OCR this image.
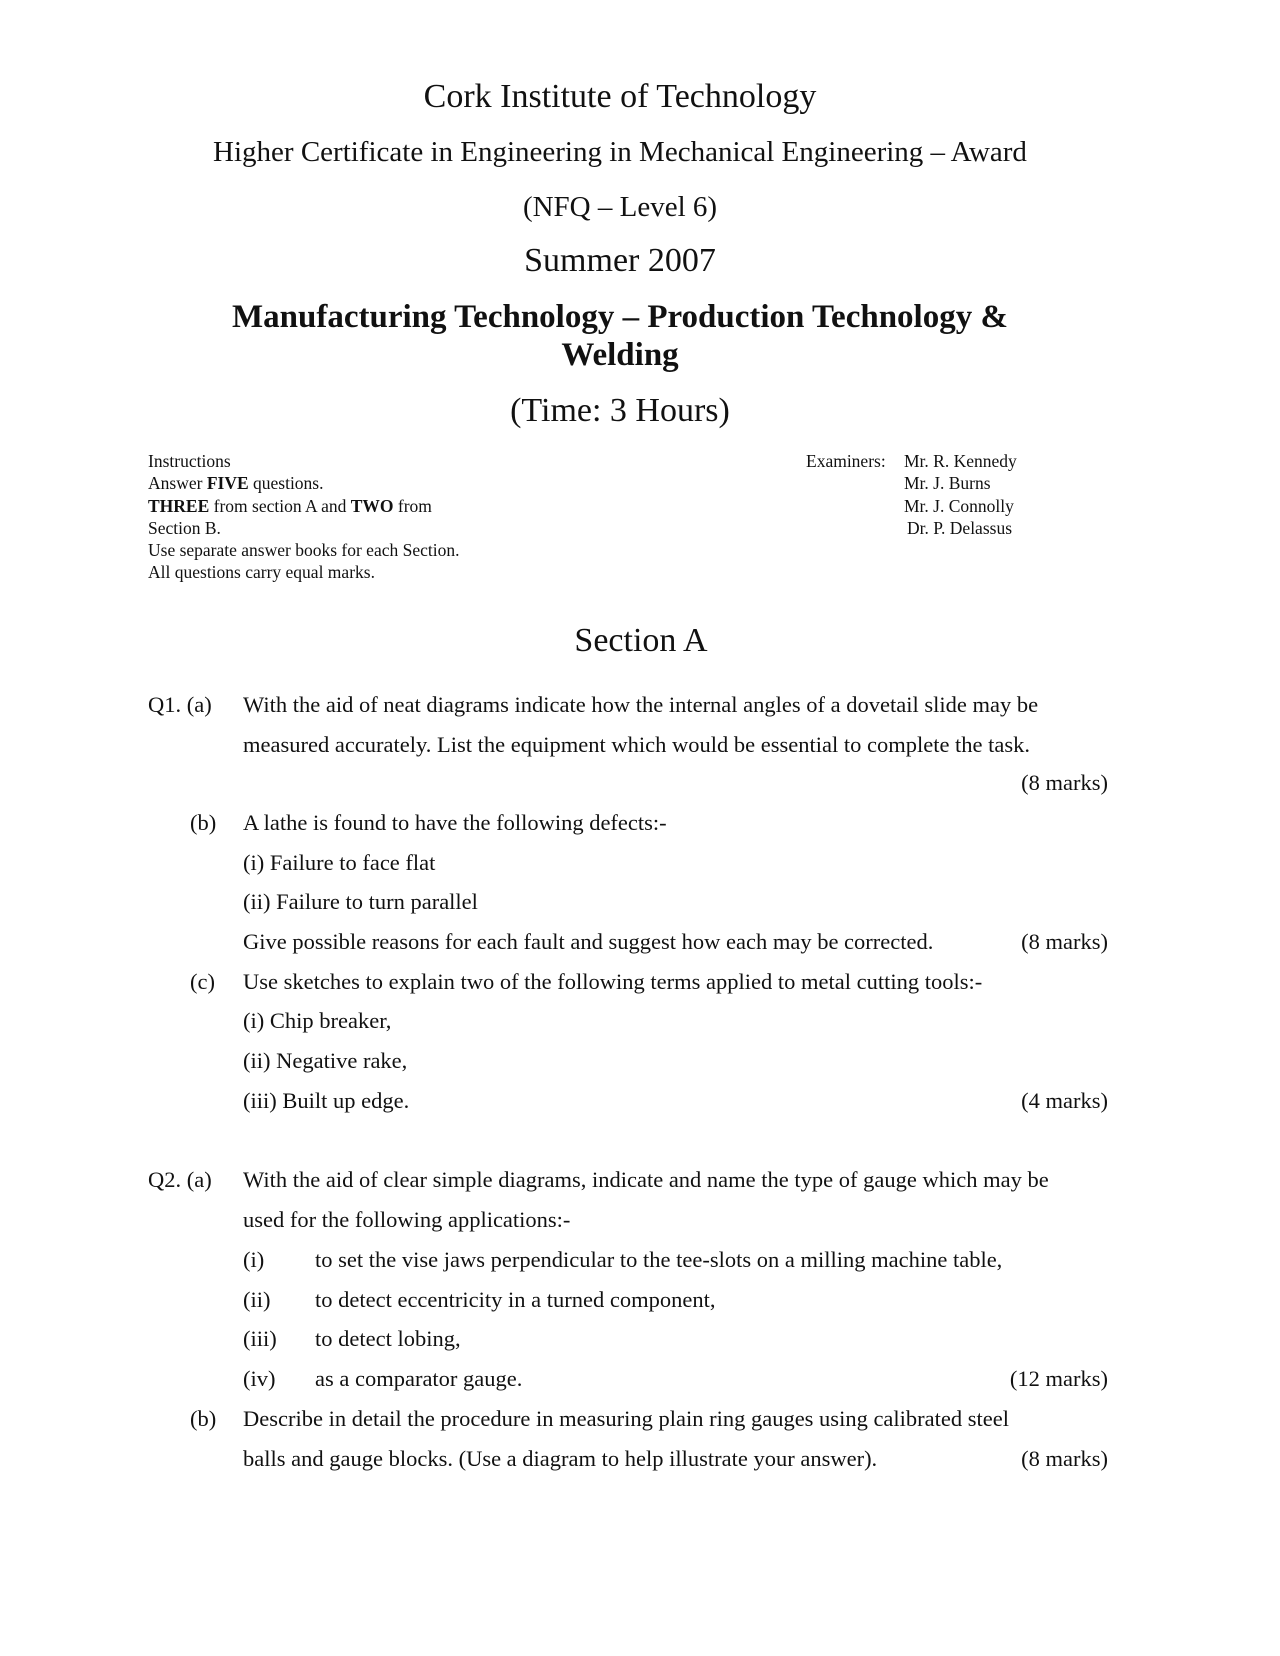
Cork Institute of Technology
Higher Certificate in Engineering in Mechanical Engineering – Award
(NFQ – Level 6)
Summer 2007
Manufacturing Technology – Production Technology &
Welding
(Time: 3 Hours)
Instructions
Answer FIVE questions.
THREE from section A and TWO from
Section B.
Use separate answer books for each Section.
All questions carry equal marks.
Examiners: Mr. R. Kennedy
Mr. J. Burns
Mr. J. Connolly
Dr. P. Delassus
Section A
Q1. (a) With the aid of neat diagrams indicate how the internal angles of a dovetail slide may be
measured accurately. List the equipment which would be essential to complete the task.
(8 marks)
(b) A lathe is found to have the following defects:-
(i) Failure to face flat
(ii) Failure to turn parallel
Give possible reasons for each fault and suggest how each may be corrected.	(8 marks)
(c) Use sketches to explain two of the following terms applied to metal cutting tools:-
(i) Chip breaker,
(ii) Negative rake,
(iii) Built up edge.	(4 marks)
Q2. (a) With the aid of clear simple diagrams, indicate and name the type of gauge which may be
used for the following applications:-
(i) to set the vise jaws perpendicular to the tee-slots on a milling machine table,
(ii) to detect eccentricity in a turned component,
(iii) to detect lobing,
(iv) as a comparator gauge.	(12 marks)
(b) Describe in detail the procedure in measuring plain ring gauges using calibrated steel
balls and gauge blocks. (Use a diagram to help illustrate your answer).	(8 marks)
